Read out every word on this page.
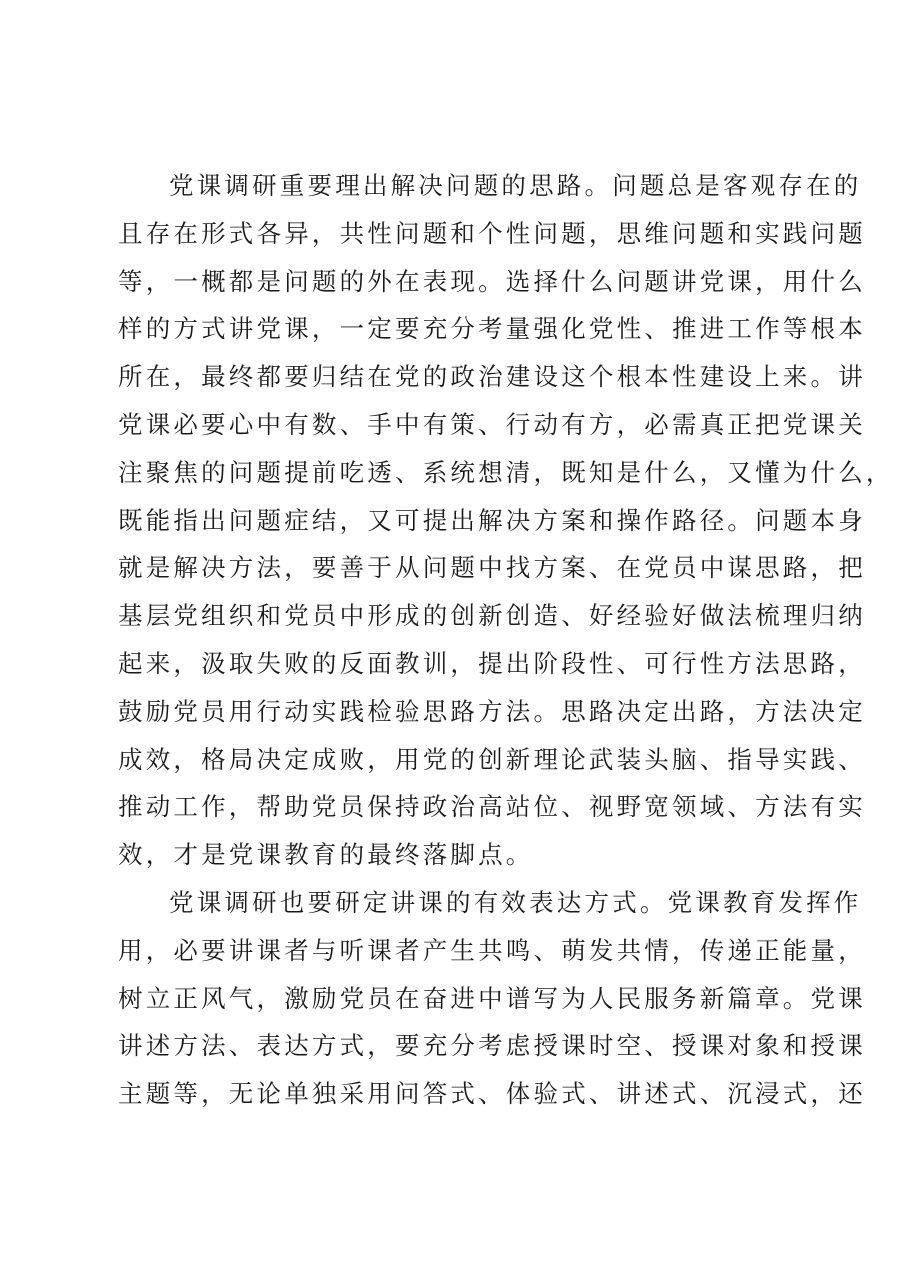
党课调研重要理出解决问题的思路。问题总是客观存在的
且存在形式各异，共性问题和个性问题，思维问题和实践问题
等，一概都是问题的外在表现。选择什么问题讲党课，用什么
样的方式讲党课，一定要充分考量强化党性、推进工作等根本
所在，最终都要归结在党的政治建设这个根本性建设上来。讲
党课必要心中有数、手中有策、行动有方，必需真正把党课关
注聚焦的问题提前吃透、系统想清，既知是什么，又懂为什么，
既能指出问题症结，又可提出解决方案和操作路径。问题本身
就是解决方法，要善于从问题中找方案、在党员中谋思路，把
基层党组织和党员中形成的创新创造、好经验好做法梳理归纳
起来，汲取失败的反面教训，提出阶段性、可行性方法思路，
鼓励党员用行动实践检验思路方法。思路决定出路，方法决定
成效，格局决定成败，用党的创新理论武装头脑、指导实践、
推动工作，帮助党员保持政治高站位、视野宽领域、方法有实
效，才是党课教育的最终落脚点。
党课调研也要研定讲课的有效表达方式。党课教育发挥作
用，必要讲课者与听课者产生共鸣、萌发共情，传递正能量，
树立正风气，激励党员在奋进中谱写为人民服务新篇章。党课
讲述方法、表达方式，要充分考虑授课时空、授课对象和授课
主题等，无论单独采用问答式、体验式、讲述式、沉浸式，还
